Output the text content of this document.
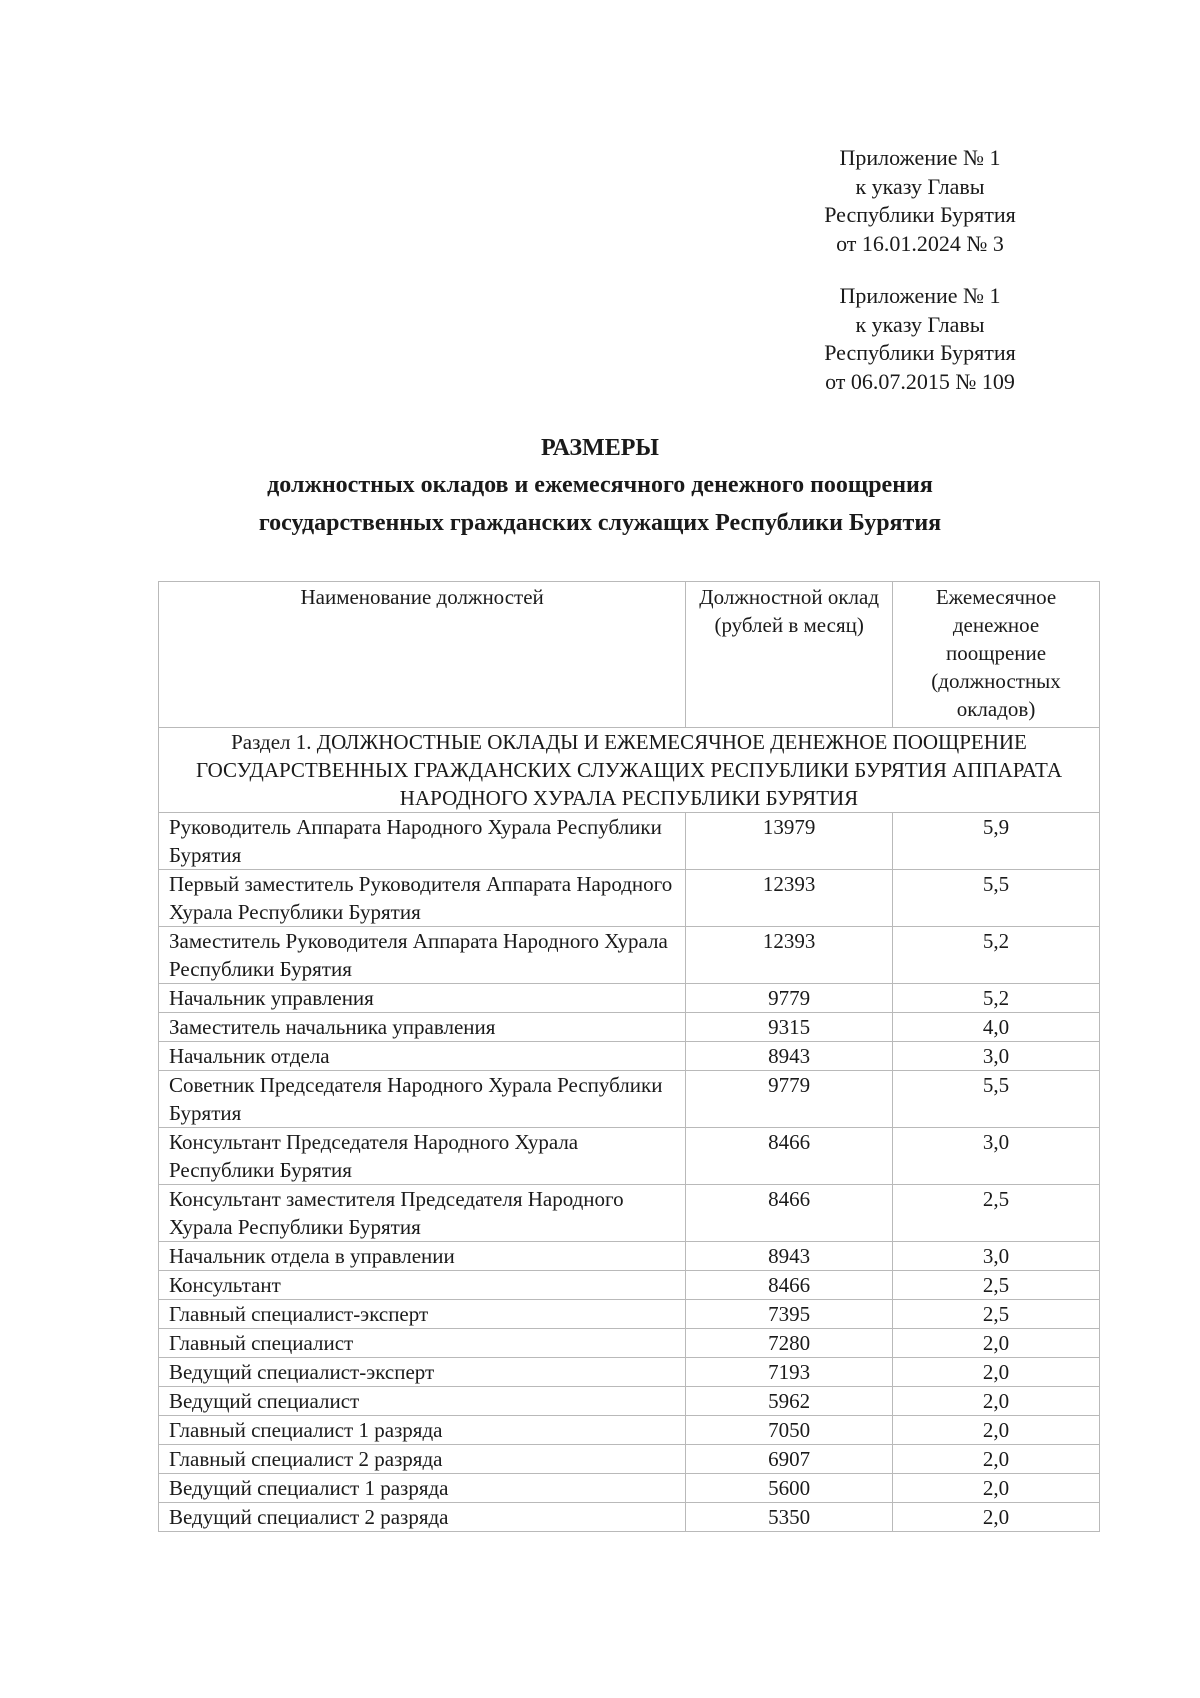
Приложение № 1
к указу Главы
Республики Бурятия
от 16.01.2024 № 3
Приложение № 1
к указу Главы
Республики Бурятия
от 06.07.2015 № 109
РАЗМЕРЫ
должностных окладов и ежемесячного денежного поощрения
государственных гражданских служащих Республики Бурятия
Наименование должностей	Должностной оклад (рублей в месяц)	Ежемесячное денежное поощрение (должностных окладов)
Раздел 1. ДОЛЖНОСТНЫЕ ОКЛАДЫ И ЕЖЕМЕСЯЧНОЕ ДЕНЕЖНОЕ ПООЩРЕНИЕ ГОСУДАРСТВЕННЫХ ГРАЖДАНСКИХ СЛУЖАЩИХ РЕСПУБЛИКИ БУРЯТИЯ АППАРАТА НАРОДНОГО ХУРАЛА РЕСПУБЛИКИ БУРЯТИЯ		
Руководитель Аппарата Народного Хурала Республики Бурятия	13979	5,9
Первый заместитель Руководителя Аппарата Народного Хурала Республики Бурятия	12393	5,5
Заместитель Руководителя Аппарата Народного Хурала Республики Бурятия	12393	5,2
Начальник управления	9779	5,2
Заместитель начальника управления	9315	4,0
Начальник отдела	8943	3,0
Советник Председателя Народного Хурала Республики Бурятия	9779	5,5
Консультант Председателя Народного Хурала Республики Бурятия	8466	3,0
Консультант заместителя Председателя Народного Хурала Республики Бурятия	8466	2,5
Начальник отдела в управлении	8943	3,0
Консультант	8466	2,5
Главный специалист-эксперт	7395	2,5
Главный специалист	7280	2,0
Ведущий специалист-эксперт	7193	2,0
Ведущий специалист	5962	2,0
Главный специалист 1 разряда	7050	2,0
Главный специалист 2 разряда	6907	2,0
Ведущий специалист 1 разряда	5600	2,0
Ведущий специалист 2 разряда	5350	2,0
